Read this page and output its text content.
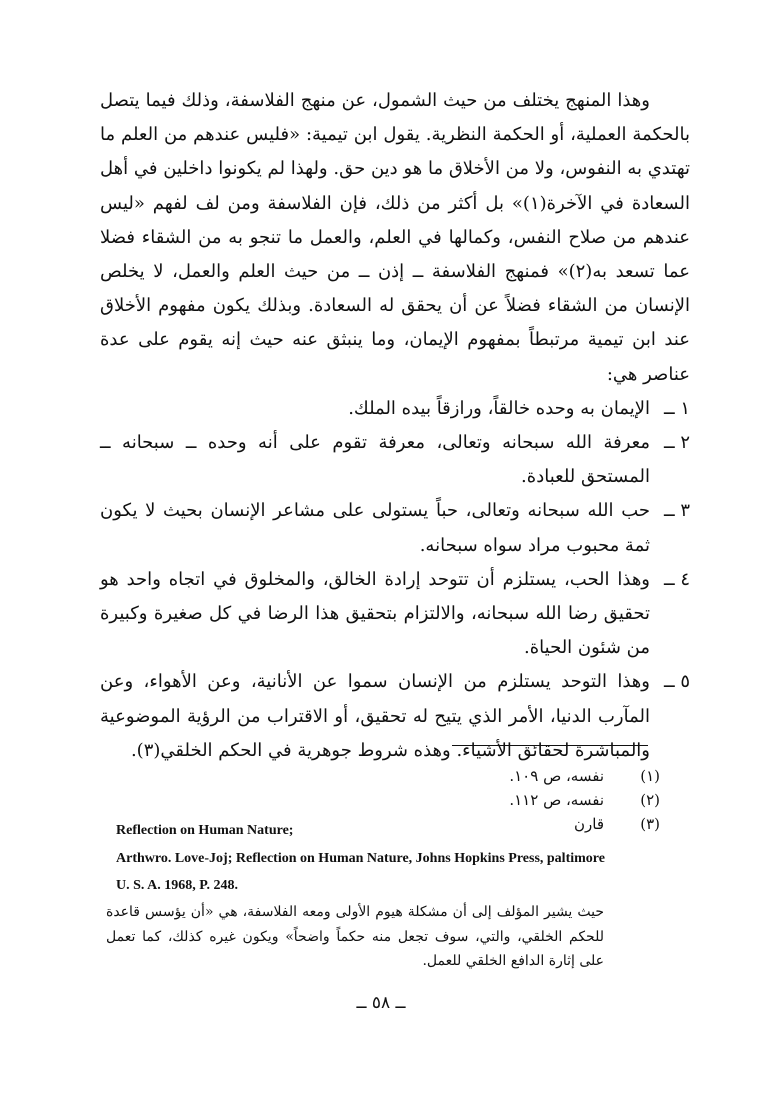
وهذا المنهج يختلف من حيث الشمول، عن منهج الفلاسفة، وذلك فيما يتصل بالحكمة العملية، أو الحكمة النظرية. يقول ابن تيمية: «فليس عندهم من العلم ما تهتدي به النفوس، ولا من الأخلاق ما هو دين حق. ولهذا لم يكونوا داخلين في أهل السعادة في الآخرة(١)» بل أكثر من ذلك، فإن الفلاسفة ومن لف لفهم «ليس عندهم من صلاح النفس، وكمالها في العلم، والعمل ما تنجو به من الشقاء فضلا عما تسعد به(٢)» فمنهج الفلاسفة ــ إذن ــ من حيث العلم والعمل، لا يخلص الإنسان من الشقاء فضلاً عن أن يحقق له السعادة. وبذلك يكون مفهوم الأخلاق عند ابن تيمية مرتبطاً بمفهوم الإيمان، وما ينبثق عنه حيث إنه يقوم على عدة عناصر هي:

١ ــ
الإيمان به وحده خالقاً، ورازقاً بيده الملك.
٢ ــ
معرفة الله سبحانه وتعالى، معرفة تقوم على أنه وحده ــ سبحانه ــ المستحق للعبادة.
٣ ــ
حب الله سبحانه وتعالى، حباً يستولى على مشاعر الإنسان بحيث لا يكون ثمة محبوب مراد سواه سبحانه.
٤ ــ
وهذا الحب، يستلزم أن تتوحد إرادة الخالق، والمخلوق في اتجاه واحد هو تحقيق رضا الله سبحانه، والالتزام بتحقيق هذا الرضا في كل صغيرة وكبيرة من شئون الحياة.
٥ ــ
وهذا التوحد يستلزم من الإنسان سموا عن الأنانية، وعن الأهواء، وعن المآرب الدنيا، الأمر الذي يتيح له تحقيق، أو الاقتراب من الرؤية الموضوعية والمباشرة لحقائق الأشياء. وهذه شروط جوهرية في الحكم الخلقي(٣).
(١)
نفسه، ص ١٠٩.
(٢)
نفسه، ص ١١٢.
(٣)
قارن
Reflection on Human Nature;
Arthwro. Love-Joj; Reflection on Human Nature, Johns Hopkins Press, paltimore U. S. A. 1968, P. 248.
حيث يشير المؤلف إلى أن مشكلة هيوم الأولى ومعه الفلاسفة، هي «أن يؤسس قاعدة للحكم الخلقي، والتي، سوف تجعل منه حكماً واضحاً» ويكون غيره كذلك، كما تعمل على إثارة الدافع الخلقي للعمل.
ــ ٥٨ ــ
